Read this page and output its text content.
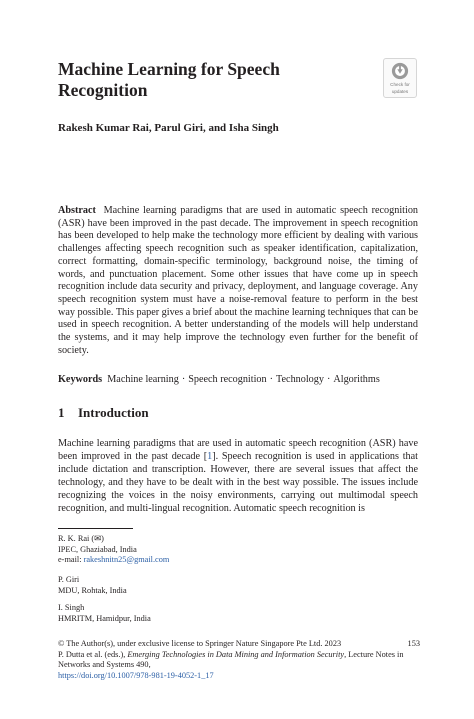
Machine Learning for Speech
Recognition	Check for
updates
Rakesh Kumar Rai, Parul Giri, and Isha Singh

Abstract Machine learning paradigms that are used in automatic speech recognition (ASR) have been improved in the past decade. The improvement in speech recognition has been developed to help make the technology more efficient by dealing with various challenges affecting speech recognition such as speaker identification, capitalization, correct formatting, domain-specific terminology, background noise, the timing of words, and punctuation placement. Some other issues that have come up in speech recognition include data security and privacy, deployment, and language coverage. Any speech recognition system must have a noise-removal feature to perform in the best way possible. This paper gives a brief about the machine learning techniques that can be used in speech recognition. A better understanding of the models will help understand the systems, and it may help improve the technology even further for the benefit of society.

Keywords Machine learning · Speech recognition · Technology · Algorithms
1 Introduction

Machine learning paradigms that are used in automatic speech recognition (ASR) have been improved in the past decade [1]. Speech recognition is used in applications that include dictation and transcription. However, there are several issues that affect the technology, and they have to be dealt with in the best way possible. The issues include recognizing the voices in the noisy environments, carrying out multimodal speech recognition, and multi-lingual recognition. Automatic speech recognition is

R. K. Rai (✉)
IPEC, Ghaziabad, India
e-mail: rakeshnitn25@gmail.com
P. Giri
MDU, Rohtak, India
I. Singh
HMRITM, Hamidpur, India
153
© The Author(s), under exclusive license to Springer Nature Singapore Pte Ltd. 2023
P. Dutta et al. (eds.), Emerging Technologies in Data Mining and Information Security, Lecture Notes in Networks and Systems 490,
https://doi.org/10.1007/978-981-19-4052-1_17
